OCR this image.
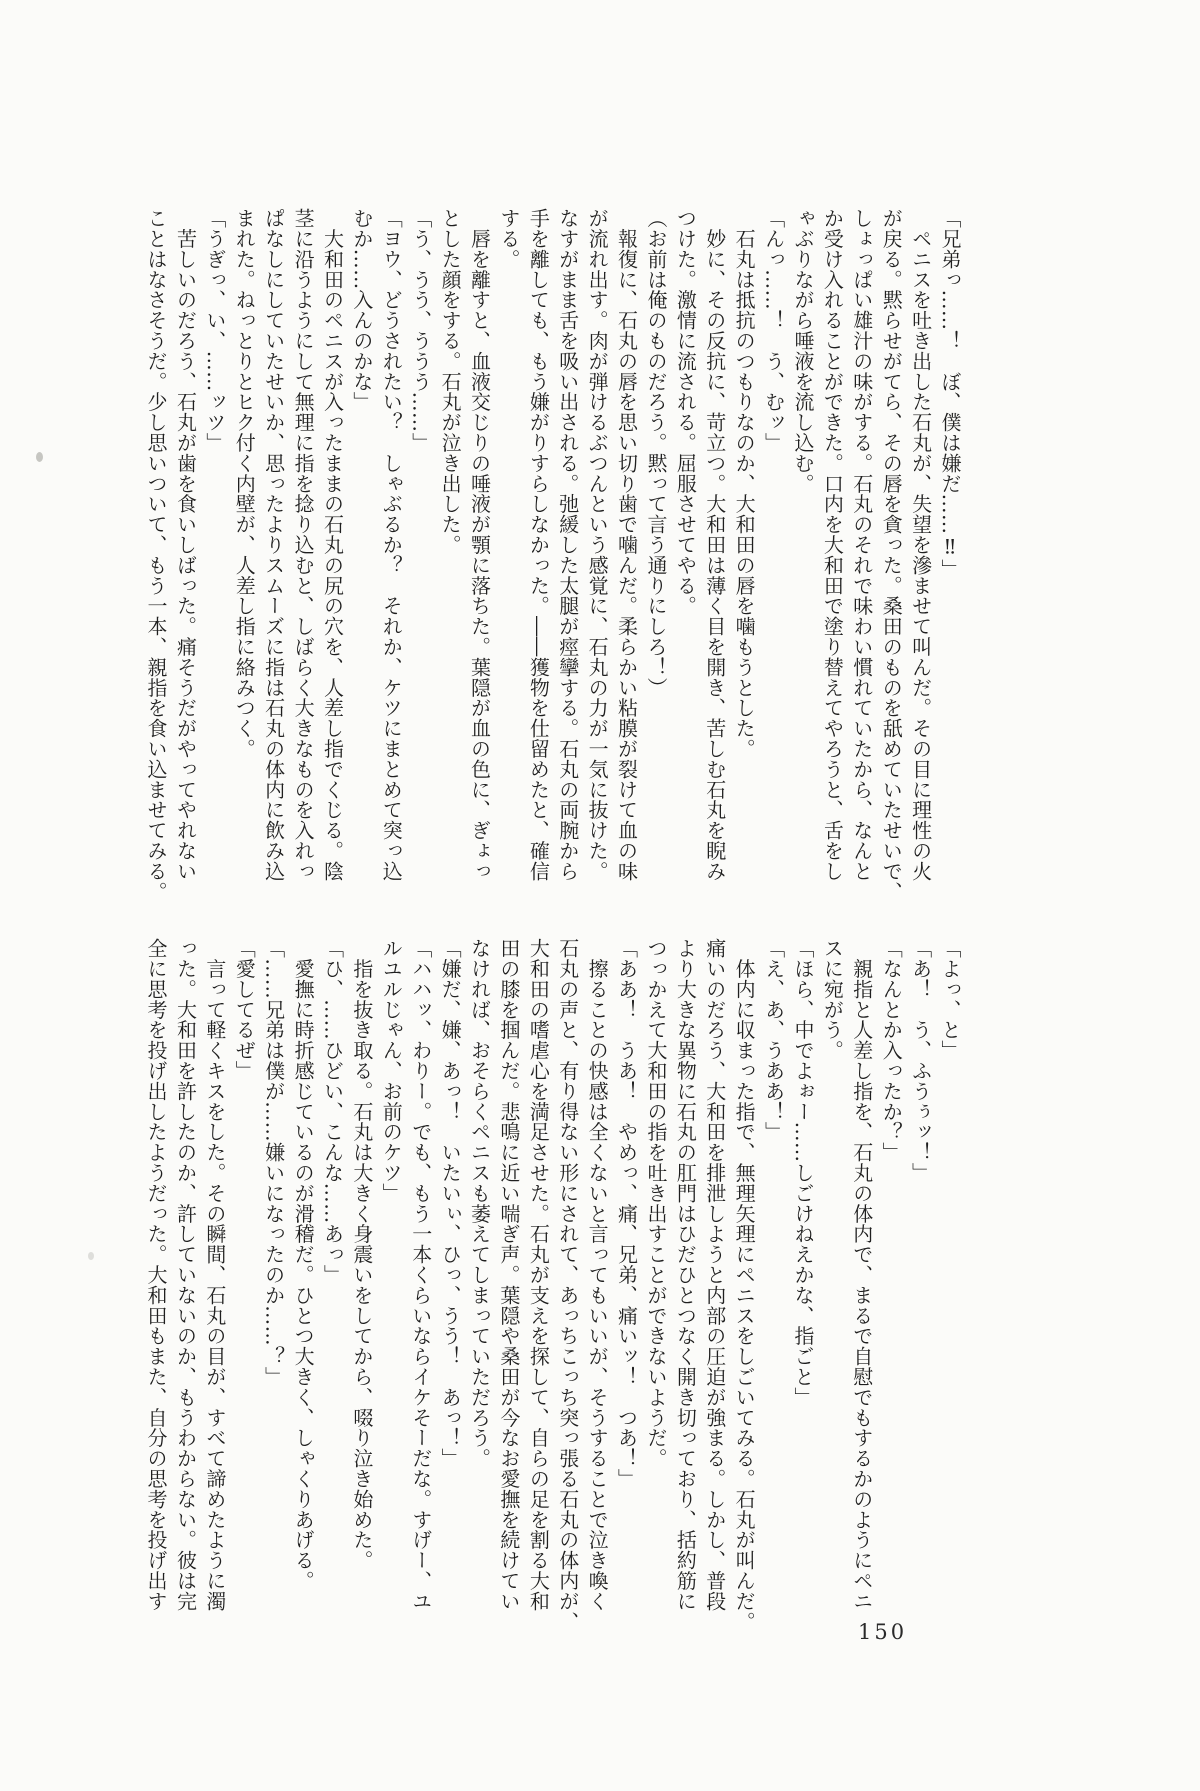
「兄弟っ……！　ぼ、僕は嫌だ……‼」
　ペニスを吐き出した石丸が、失望を滲ませて叫んだ。その目に理性の火
が戻る。黙らせがてら、その唇を貪った。桑田のものを舐めていたせいで、
しょっぱい雄汁の味がする。石丸のそれで味わい慣れていたから、なんと
か受け入れることができた。口内を大和田で塗り替えてやろうと、舌をし
ゃぶりながら唾液を流し込む。
「んっ……！　う、むッ」
　石丸は抵抗のつもりなのか、大和田の唇を噛もうとした。
　妙に、その反抗に、苛立つ。大和田は薄く目を開き、苦しむ石丸を睨み
つけた。激情に流される。屈服させてやる。
（お前は俺のものだろう。黙って言う通りにしろ！）
　報復に、石丸の唇を思い切り歯で噛んだ。柔らかい粘膜が裂けて血の味
が流れ出す。肉が弾けるぶつんという感覚に、石丸の力が一気に抜けた。
なすがまま舌を吸い出される。弛緩した太腿が痙攣する。石丸の両腕から
手を離しても、もう嫌がりすらしなかった。――獲物を仕留めたと、確信
する。
　唇を離すと、血液交じりの唾液が顎に落ちた。葉隠が血の色に、ぎょっ
とした顔をする。石丸が泣き出した。
「う、うう、ううう……」
「ヨウ、どうされたい？　しゃぶるか？　それか、ケツにまとめて突っ込
むか……入んのかな」
　大和田のペニスが入ったままの石丸の尻の穴を、人差し指でくじる。陰
茎に沿うようにして無理に指を捻り込むと、しばらく大きなものを入れっ
ぱなしにしていたせいか、思ったよりスムーズに指は石丸の体内に飲み込
まれた。ねっとりとヒク付く内壁が、人差し指に絡みつく。
「うぎっ、い、……ッツ」
　苦しいのだろう、石丸が歯を食いしばった。痛そうだがやってやれない
ことはなさそうだ。少し思いついて、もう一本、親指を食い込ませてみる。
「よっ、と」
「あ！　う、ふうぅッ！」
「なんとか入ったか？」
　親指と人差し指を、石丸の体内で、まるで自慰でもするかのようにペニ
スに宛がう。
「ほら、中でよぉー……しごけねえかな、指ごと」
「え、あ、うああ！」
　体内に収まった指で、無理矢理にペニスをしごいてみる。石丸が叫んだ。
痛いのだろう、大和田を排泄しようと内部の圧迫が強まる。しかし、普段
より大きな異物に石丸の肛門はひだひとつなく開き切っており、括約筋に
つっかえて大和田の指を吐き出すことができないようだ。
「ああ！　うあ！　やめっ、痛、兄弟、痛いッ！　つあ！」
　擦ることの快感は全くないと言ってもいいが、そうすることで泣き喚く
石丸の声と、有り得ない形にされて、あっちこっち突っ張る石丸の体内が、
大和田の嗜虐心を満足させた。石丸が支えを探して、自らの足を割る大和
田の膝を掴んだ。悲鳴に近い喘ぎ声。葉隠や桑田が今なお愛撫を続けてい
なければ、おそらくペニスも萎えてしまっていただろう。
「嫌だ、嫌、あっ！　いたいぃ、ひっ、うう！　あっ！」
「ハハッ、わりー。でも、もう一本くらいならイケそーだな。すげー、ユ
ルユルじゃん、お前のケツ」
　指を抜き取る。石丸は大きく身震いをしてから、啜り泣き始めた。
「ひ、……ひどい、こんな……あっ」
　愛撫に時折感じているのが滑稽だ。ひとつ大きく、しゃくりあげる。
「……兄弟は僕が……嫌いになったのか……？」
「愛してるぜ」
　言って軽くキスをした。その瞬間、石丸の目が、すべて諦めたように濁
った。大和田を許したのか、許していないのか、もうわからない。彼は完
全に思考を投げ出したようだった。大和田もまた、自分の思考を投げ出す
150
